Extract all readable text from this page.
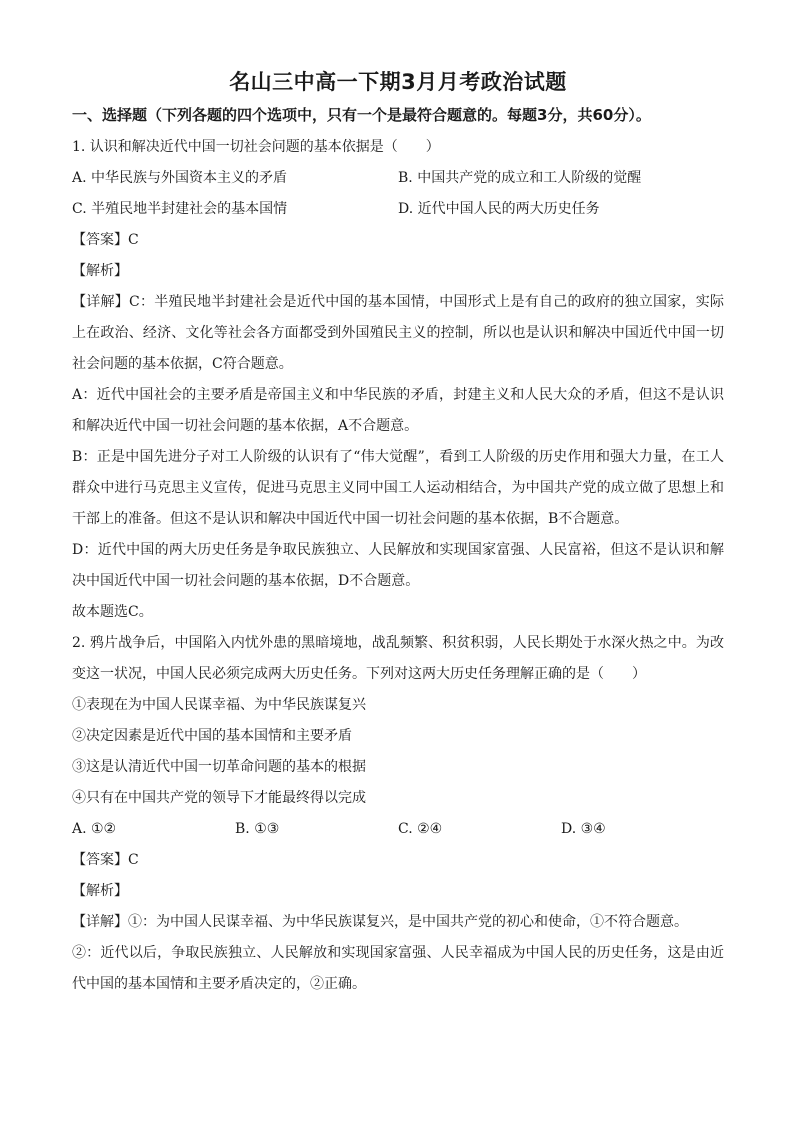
名山三中高一下期3月月考政治试题

一、选择题（下列各题的四个选项中，只有一个是最符合题意的。每题3分，共60分）。

1. 认识和解决近代中国一切社会问题的基本依据是（　　）

A. 中华民族与外国资本主义的矛盾	B. 中国共产党的成立和工人阶级的觉醒
C. 半殖民地半封建社会的基本国情	D. 近代中国人民的两大历史任务

【答案】C

【解析】

【详解】C：半殖民地半封建社会是近代中国的基本国情，中国形式上是有自己的政府的独立国家，实际上在政治、经济、文化等社会各方面都受到外国殖民主义的控制，所以也是认识和解决中国近代中国一切社会问题的基本依据，C符合题意。

A：近代中国社会的主要矛盾是帝国主义和中华民族的矛盾，封建主义和人民大众的矛盾，但这不是认识和解决近代中国一切社会问题的基本依据，A不合题意。

B：正是中国先进分子对工人阶级的认识有了“伟大觉醒”，看到工人阶级的历史作用和强大力量，在工人群众中进行马克思主义宣传，促进马克思主义同中国工人运动相结合，为中国共产党的成立做了思想上和干部上的准备。但这不是认识和解决中国近代中国一切社会问题的基本依据，B不合题意。

D：近代中国的两大历史任务是争取民族独立、人民解放和实现国家富强、人民富裕，但这不是认识和解决中国近代中国一切社会问题的基本依据，D不合题意。

故本题选C。

2. 鸦片战争后，中国陷入内忧外患的黑暗境地，战乱频繁、积贫积弱，人民长期处于水深火热之中。为改变这一状况，中国人民必须完成两大历史任务。下列对这两大历史任务理解正确的是（　　）

①表现在为中国人民谋幸福、为中华民族谋复兴

②决定因素是近代中国的基本国情和主要矛盾

③这是认清近代中国一切革命问题的基本的根据

④只有在中国共产党的领导下才能最终得以完成

A. ①②	B. ①③	C. ②④	D. ③④

【答案】C

【解析】

【详解】①：为中国人民谋幸福、为中华民族谋复兴，是中国共产党的初心和使命，①不符合题意。

②：近代以后，争取民族独立、人民解放和实现国家富强、人民幸福成为中国人民的历史任务，这是由近代中国的基本国情和主要矛盾决定的，②正确。
